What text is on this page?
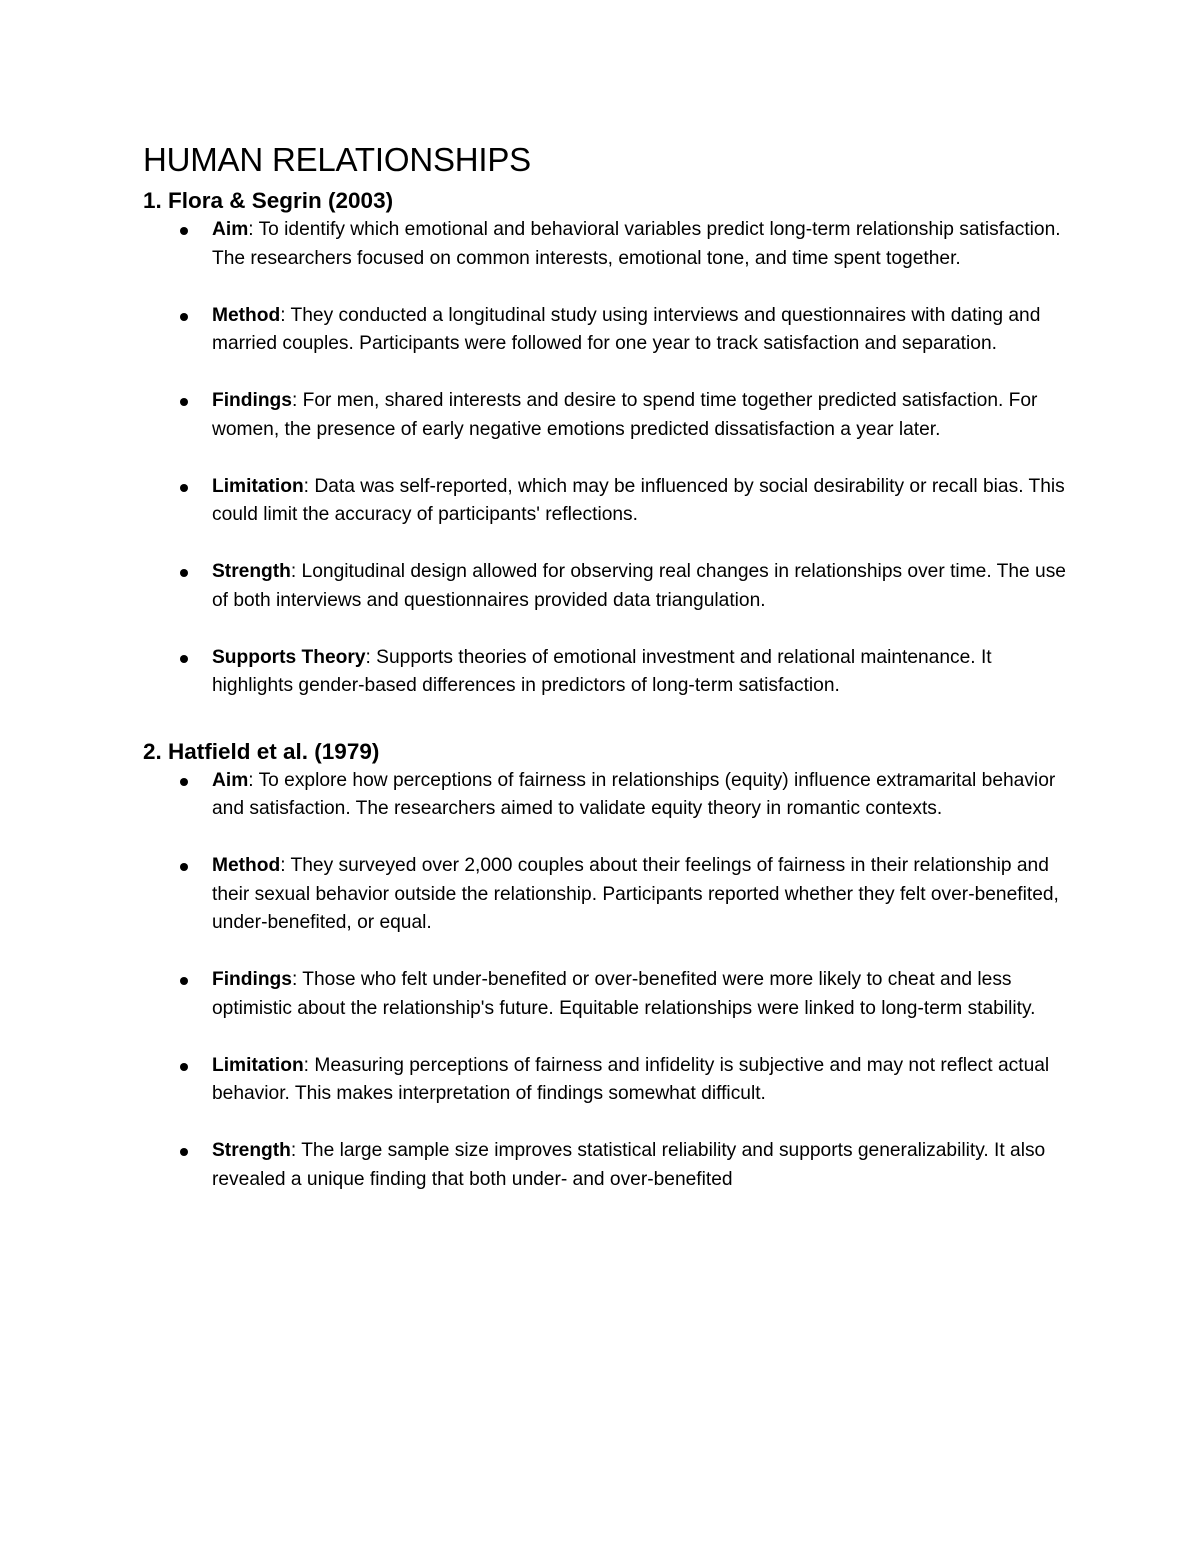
HUMAN RELATIONSHIPS
1. Flora & Segrin (2003)
Aim: To identify which emotional and behavioral variables predict long-term relationship satisfaction. The researchers focused on common interests, emotional tone, and time spent together.
Method: They conducted a longitudinal study using interviews and questionnaires with dating and married couples. Participants were followed for one year to track satisfaction and separation.
Findings: For men, shared interests and desire to spend time together predicted satisfaction. For women, the presence of early negative emotions predicted dissatisfaction a year later.
Limitation: Data was self-reported, which may be influenced by social desirability or recall bias. This could limit the accuracy of participants' reflections.
Strength: Longitudinal design allowed for observing real changes in relationships over time. The use of both interviews and questionnaires provided data triangulation.
Supports Theory: Supports theories of emotional investment and relational maintenance. It highlights gender-based differences in predictors of long-term satisfaction.
2. Hatfield et al. (1979)
Aim: To explore how perceptions of fairness in relationships (equity) influence extramarital behavior and satisfaction. The researchers aimed to validate equity theory in romantic contexts.
Method: They surveyed over 2,000 couples about their feelings of fairness in their relationship and their sexual behavior outside the relationship. Participants reported whether they felt over-benefited, under-benefited, or equal.
Findings: Those who felt under-benefited or over-benefited were more likely to cheat and less optimistic about the relationship's future. Equitable relationships were linked to long-term stability.
Limitation: Measuring perceptions of fairness and infidelity is subjective and may not reflect actual behavior. This makes interpretation of findings somewhat difficult.
Strength: The large sample size improves statistical reliability and supports generalizability. It also revealed a unique finding that both under- and over-benefited
